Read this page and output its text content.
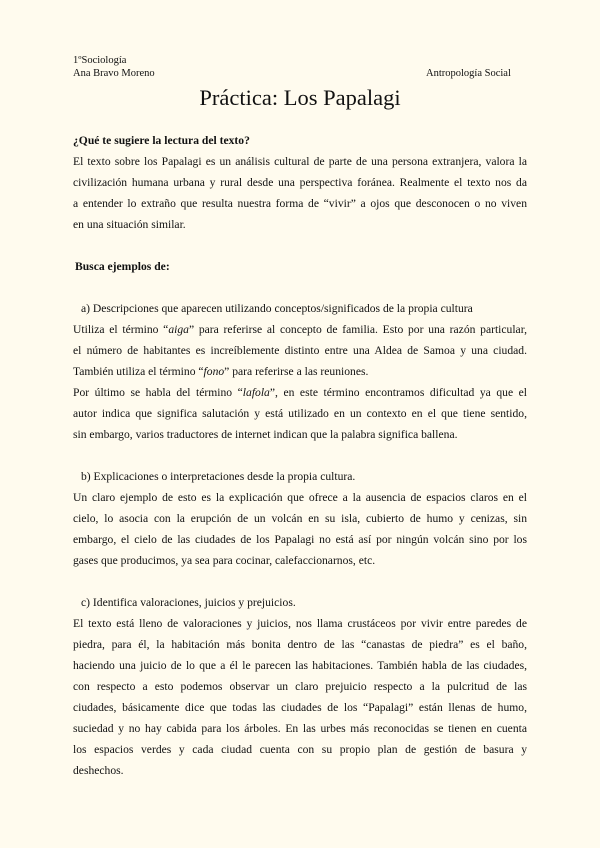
1ºSociología
Ana Bravo Moreno	Antropología Social
Práctica: Los Papalagi
¿Qué te sugiere la lectura del texto?
El texto sobre los Papalagi es un análisis cultural de parte de una persona extranjera, valora la
civilización humana urbana y rural desde una perspectiva foránea. Realmente el texto nos da
a entender lo extraño que resulta nuestra forma de “vivir” a ojos que desconocen o no viven
en una situación similar.
Busca ejemplos de:
a) Descripciones que aparecen utilizando conceptos/significados de la propia cultura
Utiliza el término “aiga” para referirse al concepto de familia. Esto por una razón particular,
el número de habitantes es increíblemente distinto entre una Aldea de Samoa y una ciudad.
También utiliza el término “fono” para referirse a las reuniones.
Por último se habla del término “lafola”, en este término encontramos dificultad ya que el
autor indica que significa salutación y está utilizado en un contexto en el que tiene sentido,
sin embargo, varios traductores de internet indican que la palabra significa ballena.
b) Explicaciones o interpretaciones desde la propia cultura.
Un claro ejemplo de esto es la explicación que ofrece a la ausencia de espacios claros en el
cielo, lo asocia con la erupción de un volcán en su isla, cubierto de humo y cenizas, sin
embargo, el cielo de las ciudades de los Papalagi no está así por ningún volcán sino por los
gases que producimos, ya sea para cocinar, calefaccionarnos, etc.
c) Identifica valoraciones, juicios y prejuicios.
El texto está lleno de valoraciones y juicios, nos llama crustáceos por vivir entre paredes de
piedra, para él, la habitación más bonita dentro de las “canastas de piedra” es el baño,
haciendo una juicio de lo que a él le parecen las habitaciones. También habla de las ciudades,
con respecto a esto podemos observar un claro prejuicio respecto a la pulcritud de las
ciudades, básicamente dice que todas las ciudades de los “Papalagi” están llenas de humo,
suciedad y no hay cabida para los árboles. En las urbes más reconocidas se tienen en cuenta
los espacios verdes y cada ciudad cuenta con su propio plan de gestión de basura y
deshechos.
